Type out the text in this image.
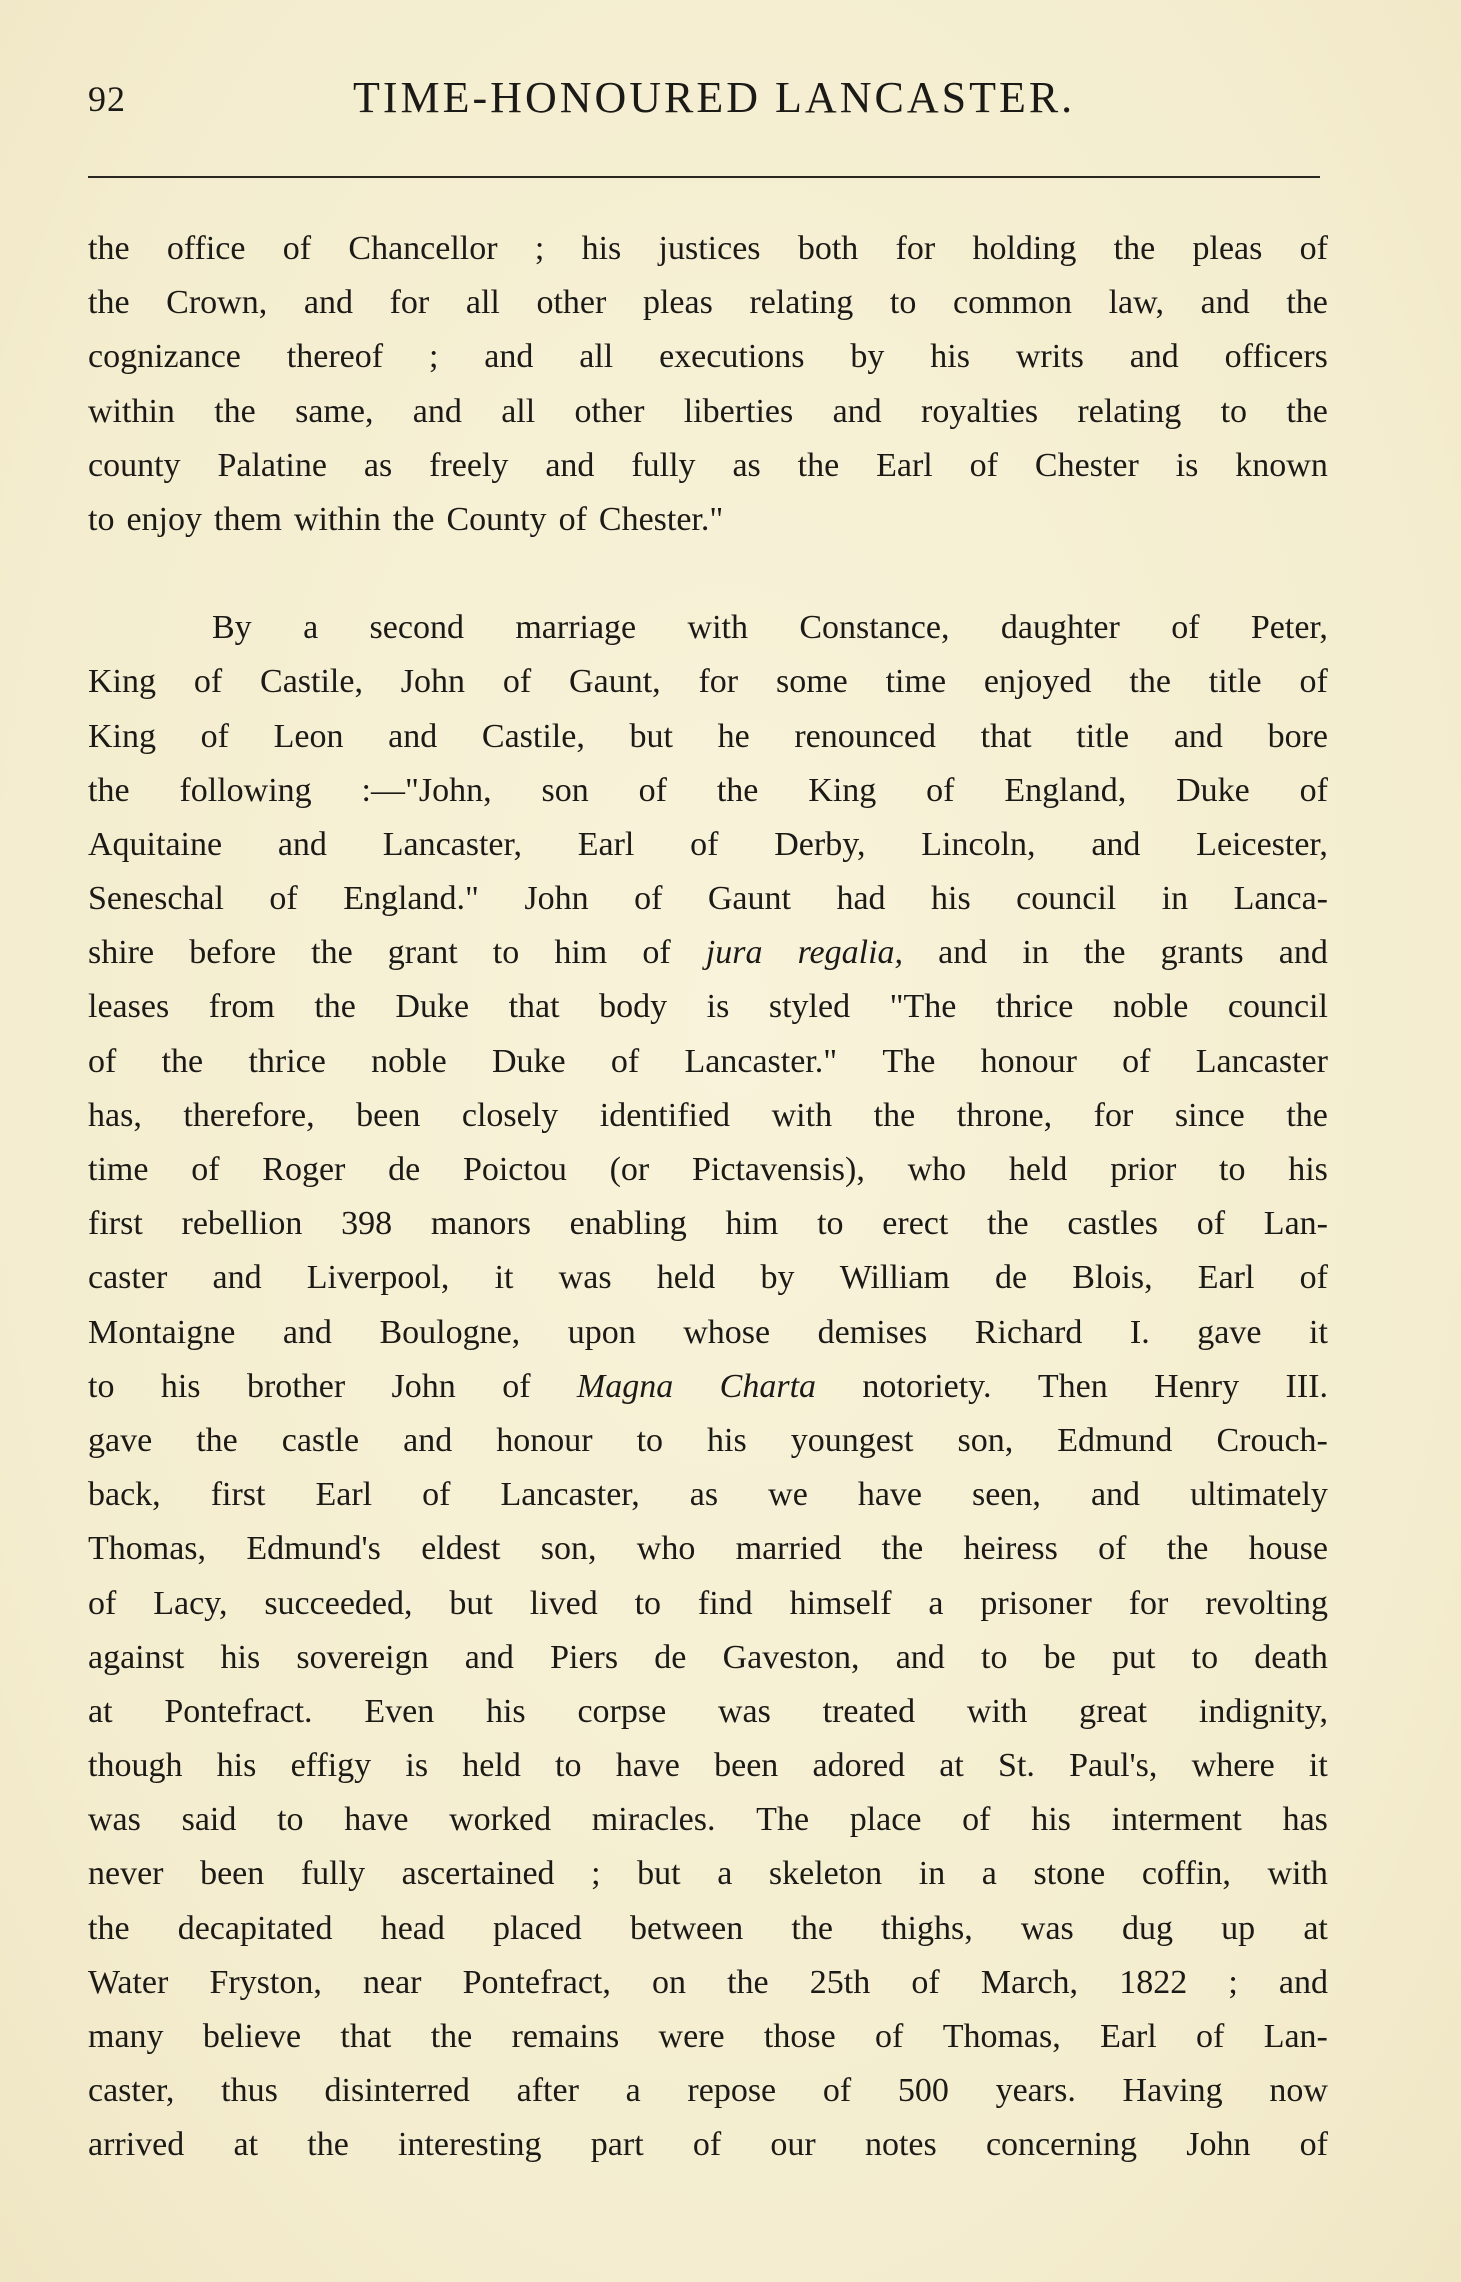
92	TIME-HONOURED LANCASTER.
the office of Chancellor ; his justices both for holding the pleas of
the Crown, and for all other pleas relating to common law, and the
cognizance thereof ; and all executions by his writs and officers
within the same, and all other liberties and royalties relating to the
county Palatine as freely and fully as the Earl of Chester is known
to enjoy them within the County of Chester."
By a second marriage with Constance, daughter of Peter,
King of Castile, John of Gaunt, for some time enjoyed the title of
King of Leon and Castile, but he renounced that title and bore
the following :—"John, son of the King of England, Duke of
Aquitaine and Lancaster, Earl of Derby, Lincoln, and Leicester,
Seneschal of England." John of Gaunt had his council in Lanca-
shire before the grant to him of jura regalia, and in the grants and
leases from the Duke that body is styled "The thrice noble council
of the thrice noble Duke of Lancaster." The honour of Lancaster
has, therefore, been closely identified with the throne, for since the
time of Roger de Poictou (or Pictavensis), who held prior to his
first rebellion 398 manors enabling him to erect the castles of Lan-
caster and Liverpool, it was held by William de Blois, Earl of
Montaigne and Boulogne, upon whose demises Richard I. gave it
to his brother John of Magna Charta notoriety. Then Henry III.
gave the castle and honour to his youngest son, Edmund Crouch-
back, first Earl of Lancaster, as we have seen, and ultimately
Thomas, Edmund's eldest son, who married the heiress of the house
of Lacy, succeeded, but lived to find himself a prisoner for revolting
against his sovereign and Piers de Gaveston, and to be put to death
at Pontefract. Even his corpse was treated with great indignity,
though his effigy is held to have been adored at St. Paul's, where it
was said to have worked miracles. The place of his interment has
never been fully ascertained ; but a skeleton in a stone coffin, with
the decapitated head placed between the thighs, was dug up at
Water Fryston, near Pontefract, on the 25th of March, 1822 ; and
many believe that the remains were those of Thomas, Earl of Lan-
caster, thus disinterred after a repose of 500 years. Having now
arrived at the interesting part of our notes concerning John of
